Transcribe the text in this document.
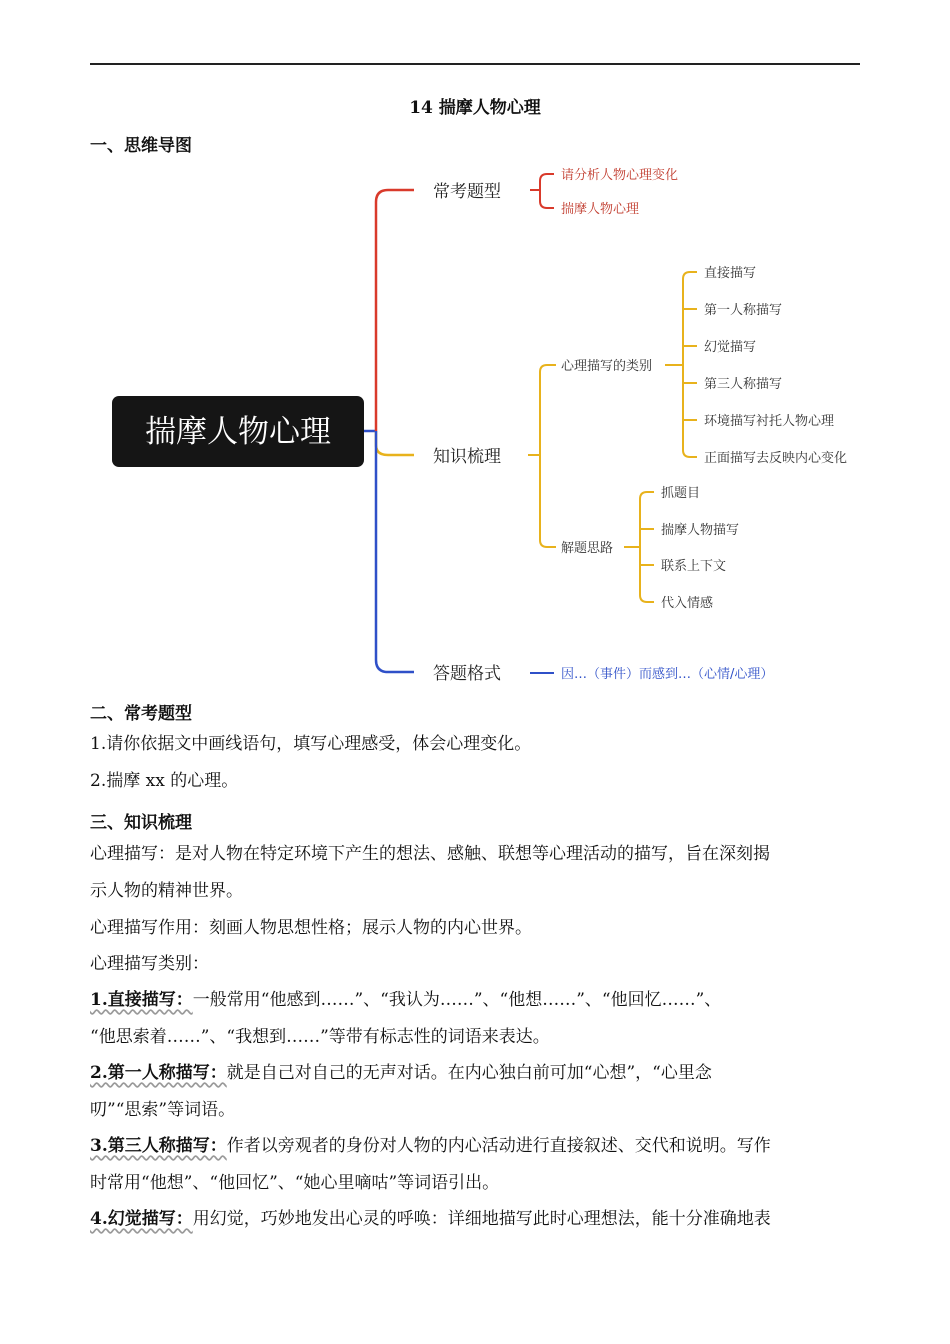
14 揣摩人物心理
一、思维导图
揣摩人物心理
常考题型
请分析人物心理变化
揣摩人物心理
知识梳理
心理描写的类别
解题思路
直接描写
第一人称描写
幻觉描写
第三人称描写
环境描写衬托人物心理
正面描写去反映内心变化
抓题目
揣摩人物描写
联系上下文
代入情感
答题格式	因…（事件）而感到…（心情/心理）
二、常考题型
1.请你依据文中画线语句，填写心理感受，体会心理变化。
2.揣摩 xx 的心理。
三、知识梳理
心理描写：是对人物在特定环境下产生的想法、感触、联想等心理活动的描写，旨在深刻揭
示人物的精神世界。
心理描写作用：刻画人物思想性格；展示人物的内心世界。
心理描写类别：
1.直接描写：一般常用“他感到……”、“我认为……”、“他想……”、“他回忆……”、
“他思索着……”、“我想到……”等带有标志性的词语来表达。
2.第一人称描写：就是自己对自己的无声对话。在内心独白前可加“心想”，“心里念
叨”“思索”等词语。
3.第三人称描写：作者以旁观者的身份对人物的内心活动进行直接叙述、交代和说明。写作
时常用“他想”、“他回忆”、“她心里嘀咕”等词语引出。
4.幻觉描写：用幻觉，巧妙地发出心灵的呼唤：详细地描写此时心理想法，能十分准确地表
